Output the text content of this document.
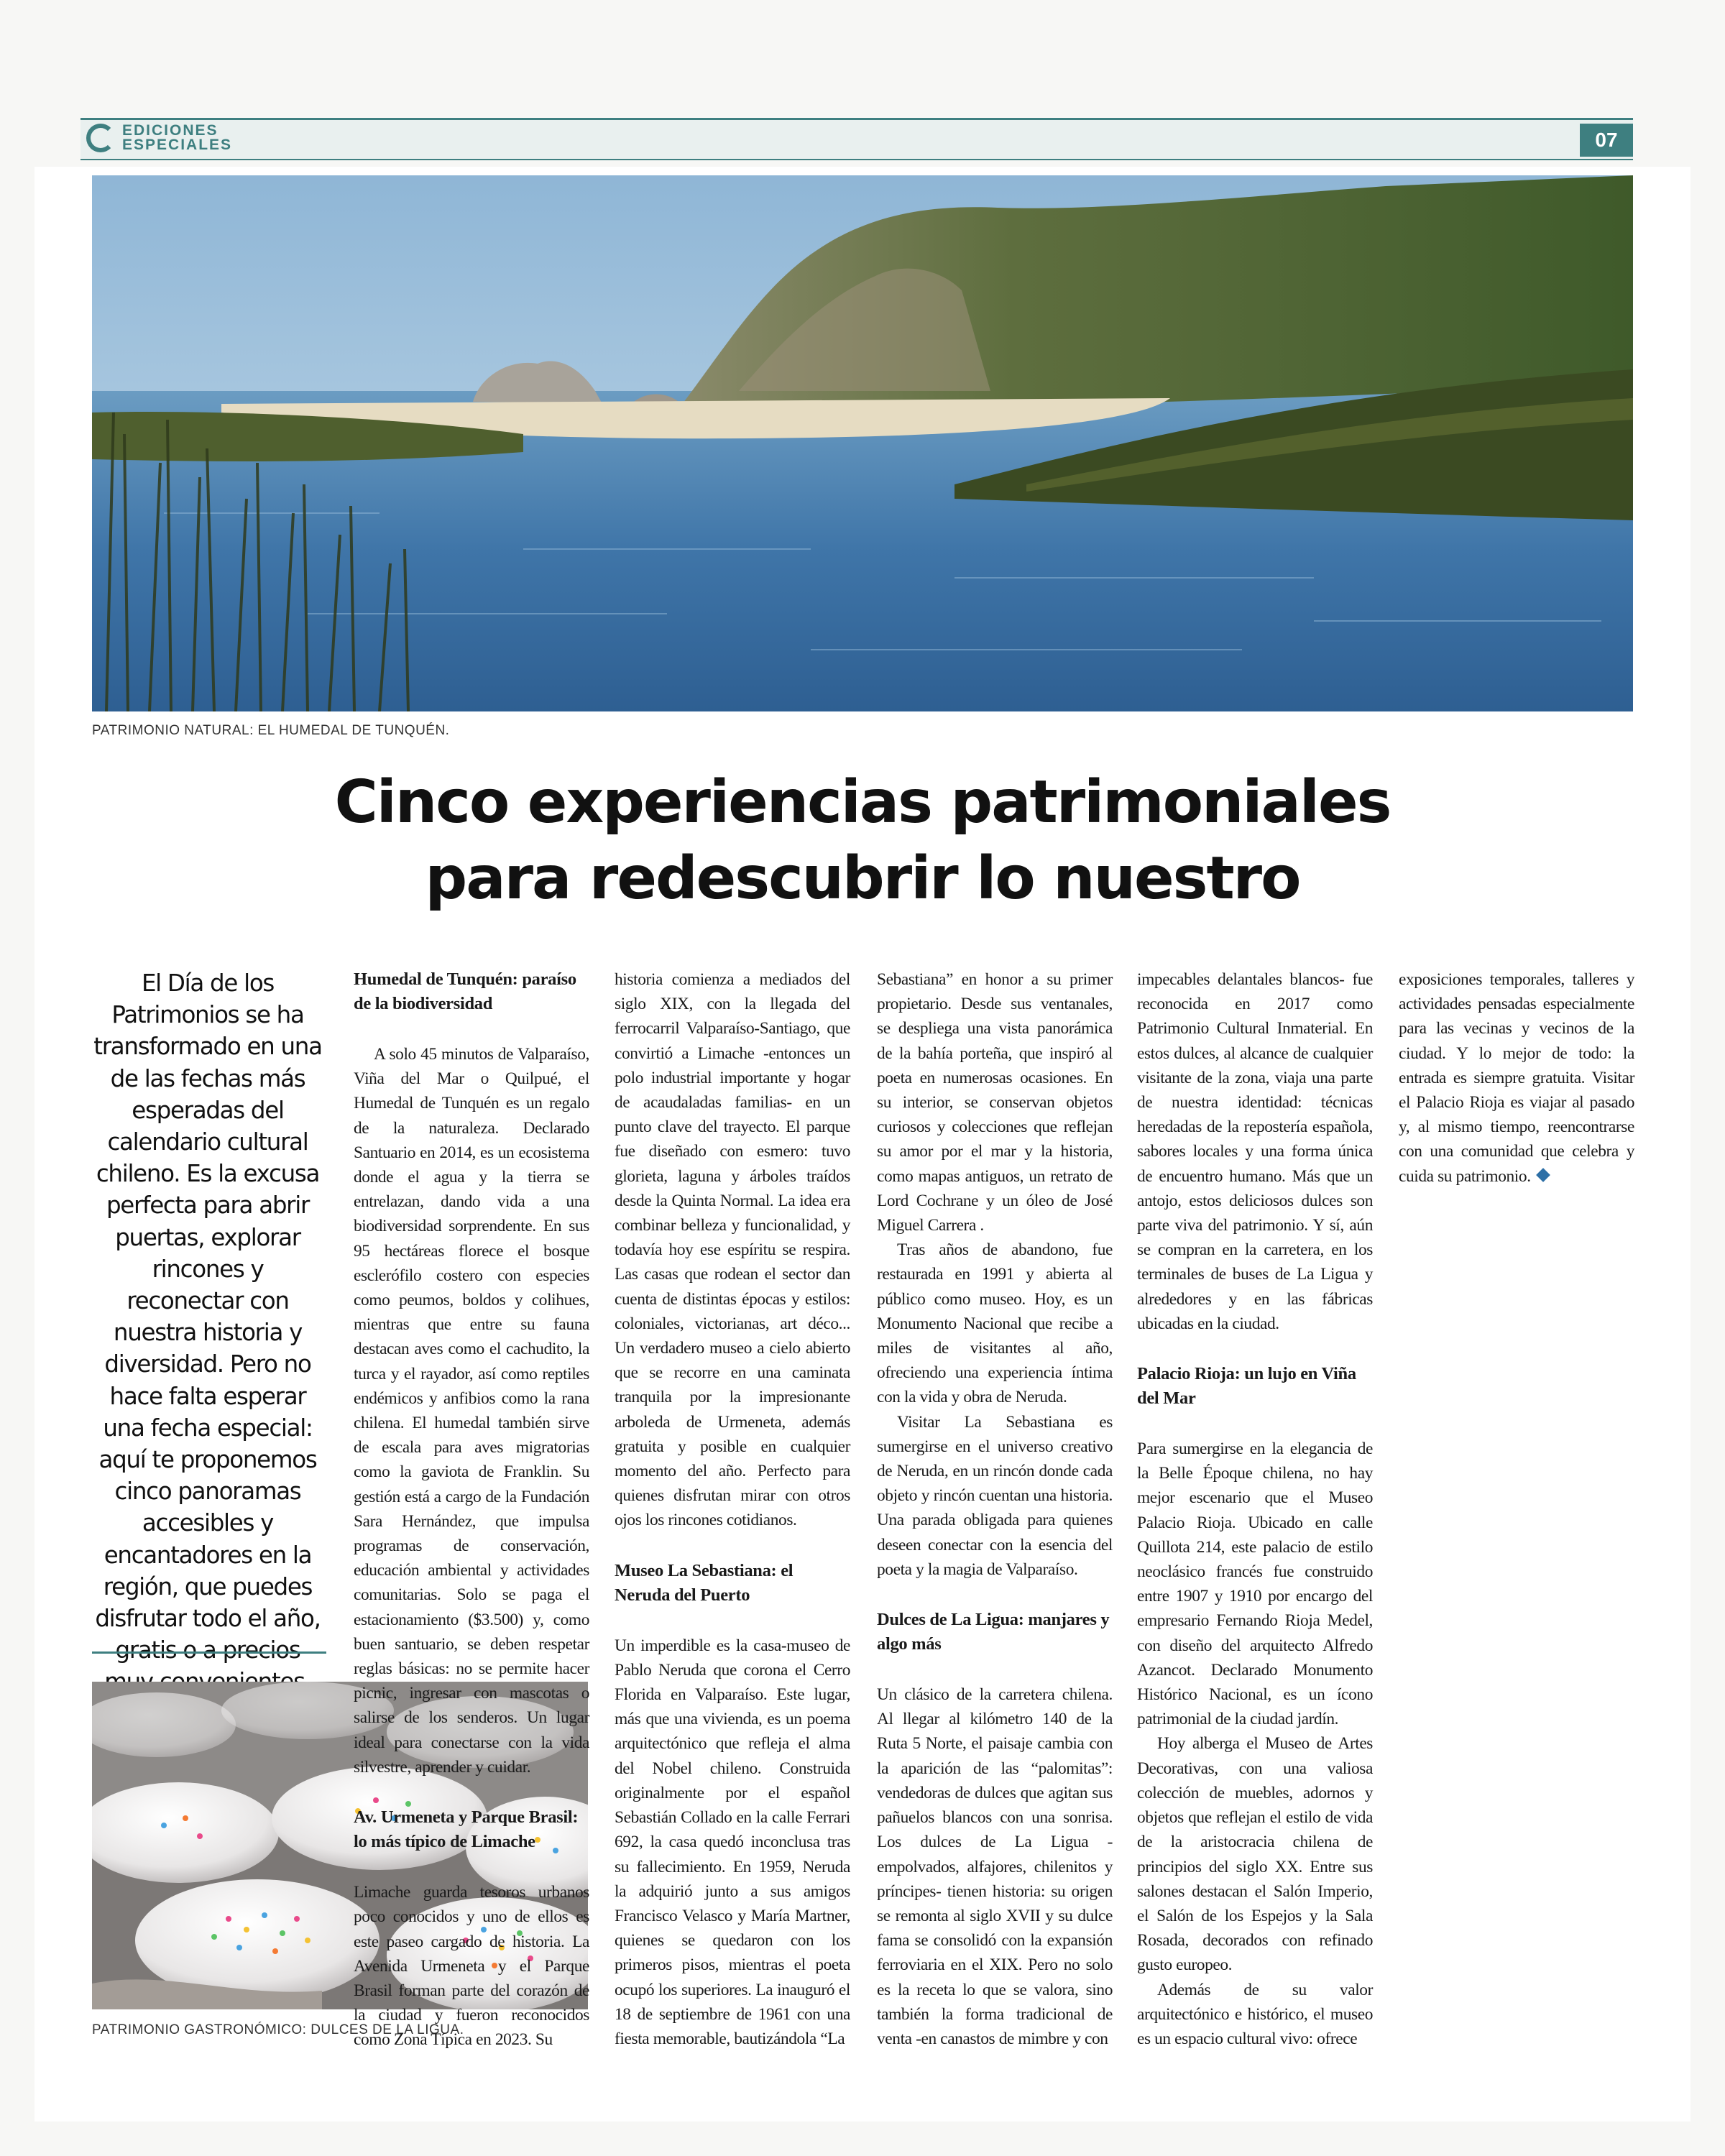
EDICIONES
ESPECIALES	07
PATRIMONIO NATURAL: EL HUMEDAL DE TUNQUÉN.
Cinco experiencias patrimoniales
para redescubrir lo nuestro
El Día de los Patrimonios se ha transformado en una de las fechas más esperadas del calendario cultural chileno. Es la excusa perfecta para abrir puertas, explorar rincones y reconectar con nuestra historia y diversidad. Pero no hace falta esperar una fecha especial: aquí te proponemos cinco panoramas accesibles y encantadores en la región, que puedes disfrutar todo el año, gratis o a precios
PATRIMONIO GASTRONÓMICO: DULCES DE LA LIGUA.
Humedal de Tunquén: paraíso de la biodiversidad

A solo 45 minutos de Valparaíso, Viña del Mar o Quilpué, el Humedal de Tunquén es un regalo de la naturaleza. Declarado Santuario en 2014, es un ecosistema donde el agua y la tierra se entrelazan, dando vida a una biodiversidad sorprendente. En sus 95 hectáreas florece el bosque esclerófilo costero con especies como peumos, boldos y colihues, mientras que entre su fauna destacan aves como el cachudito, la turca y el rayador, así como reptiles endémicos y anfibios como la rana chilena. El humedal también sirve de escala para aves migratorias como la gaviota de Franklin. Su gestión está a cargo de la Fundación Sara Hernández, que impulsa programas de conservación, educación ambiental y actividades comunitarias. Solo se paga el estacionamiento ($3.500) y, como buen santuario, se deben respetar reglas básicas: no se permite hacer picnic, ingresar con mascotas o salirse de los senderos. Un lugar ideal para conectarse con la vida silvestre, aprender y cuidar.

Av. Urmeneta y Parque Brasil: lo más típico de Limache

Limache guarda tesoros urbanos poco conocidos y uno de ellos es este paseo cargado de historia. La Avenida Urmeneta y el Parque Brasil forman parte del corazón de la ciudad y fueron reconocidos como Zona Típica en 2023. Su

historia comienza a mediados del siglo XIX, con la llegada del ferrocarril Valparaíso-Santiago, que convirtió a Limache -entonces un polo industrial importante y hogar de acaudaladas familias- en un punto clave del trayecto. El parque fue diseñado con esmero: tuvo glorieta, laguna y árboles traídos desde la Quinta Normal. La idea era combinar belleza y funcionalidad, y todavía hoy ese espíritu se respira. Las casas que rodean el sector dan cuenta de distintas épocas y estilos: coloniales, victorianas, art déco... Un verdadero museo a cielo abierto que se recorre en una caminata tranquila por la impresionante arboleda de Urmeneta, además gratuita y posible en cualquier momento del año. Perfecto para quienes disfrutan mirar con otros ojos los rincones cotidianos.

Museo La Sebastiana: el Neruda del Puerto

Un imperdible es la casa-museo de Pablo Neruda que corona el Cerro Florida en Valparaíso. Este lugar, más que una vivienda, es un poema arquitectónico que refleja el alma del Nobel chileno. Construida originalmente por el español Sebastián Collado en la calle Ferrari 692, la casa quedó inconclusa tras su fallecimiento. En 1959, Neruda la adquirió junto a sus amigos Francisco Velasco y María Martner, quienes se quedaron con los primeros pisos, mientras el poeta ocupó los superiores. La inauguró el 18 de septiembre de 1961 con una fiesta memorable, bautizándola “La

Sebastiana” en honor a su primer propietario. Desde sus ventanales, se despliega una vista panorámica de la bahía porteña, que inspiró al poeta en numerosas ocasiones. En su interior, se conservan objetos curiosos y colecciones que reflejan su amor por el mar y la historia, como mapas antiguos, un retrato de Lord Cochrane y un óleo de José Miguel Carrera .

Tras años de abandono, fue restaurada en 1991 y abierta al público como museo. Hoy, es un Monumento Nacional que recibe a miles de visitantes al año, ofreciendo una experiencia íntima con la vida y obra de Neruda.

Visitar La Sebastiana es sumergirse en el universo creativo de Neruda, en un rincón donde cada objeto y rincón cuentan una historia. Una parada obligada para quienes deseen conectar con la esencia del poeta y la magia de Valparaíso.

Dulces de La Ligua: manjares y algo más

Un clásico de la carretera chilena. Al llegar al kilómetro 140 de la Ruta 5 Norte, el paisaje cambia con la aparición de las “palomitas”: vendedoras de dulces que agitan sus pañuelos blancos con una sonrisa. Los dulces de La Ligua -empolvados, alfajores, chilenitos y príncipes- tienen historia: su origen se remonta al siglo XVII y su dulce fama se consolidó con la expansión ferroviaria en el XIX. Pero no solo es la receta lo que se valora, sino también la forma tradicional de venta -en canastos de mimbre y con

impecables delantales blancos- fue reconocida en 2017 como Patrimonio Cultural Inmaterial. En estos dulces, al alcance de cualquier visitante de la zona, viaja una parte de nuestra identidad: técnicas heredadas de la repostería española, sabores locales y una forma única de encuentro humano. Más que un antojo, estos deliciosos dulces son parte viva del patrimonio. Y sí, aún se compran en la carretera, en los terminales de buses de La Ligua y alrededores y en las fábricas ubicadas en la ciudad.

Palacio Rioja: un lujo en Viña del Mar

Para sumergirse en la elegancia de la Belle Époque chilena, no hay mejor escenario que el Museo Palacio Rioja. Ubicado en calle Quillota 214, este palacio de estilo neoclásico francés fue construido entre 1907 y 1910 por encargo del empresario Fernando Rioja Medel, con diseño del arquitecto Alfredo Azancot. Declarado Monumento Histórico Nacional, es un ícono patrimonial de la ciudad jardín.

Hoy alberga el Museo de Artes Decorativas, con una valiosa colección de muebles, adornos y objetos que reflejan el estilo de vida de la aristocracia chilena de principios del siglo XX. Entre sus salones destacan el Salón Imperio, el Salón de los Espejos y la Sala Rosada, decorados con refinado gusto europeo.

Además de su valor arquitectónico e histórico, el museo es un espacio cultural vivo: ofrece

exposiciones temporales, talleres y actividades pensadas especialmente para las vecinas y vecinos de la ciudad. Y lo mejor de todo: la entrada es siempre gratuita. Visitar el Palacio Rioja es viajar al pasado y, al mismo tiempo, reencontrarse con una comunidad que celebra y cuida su patrimonio.
